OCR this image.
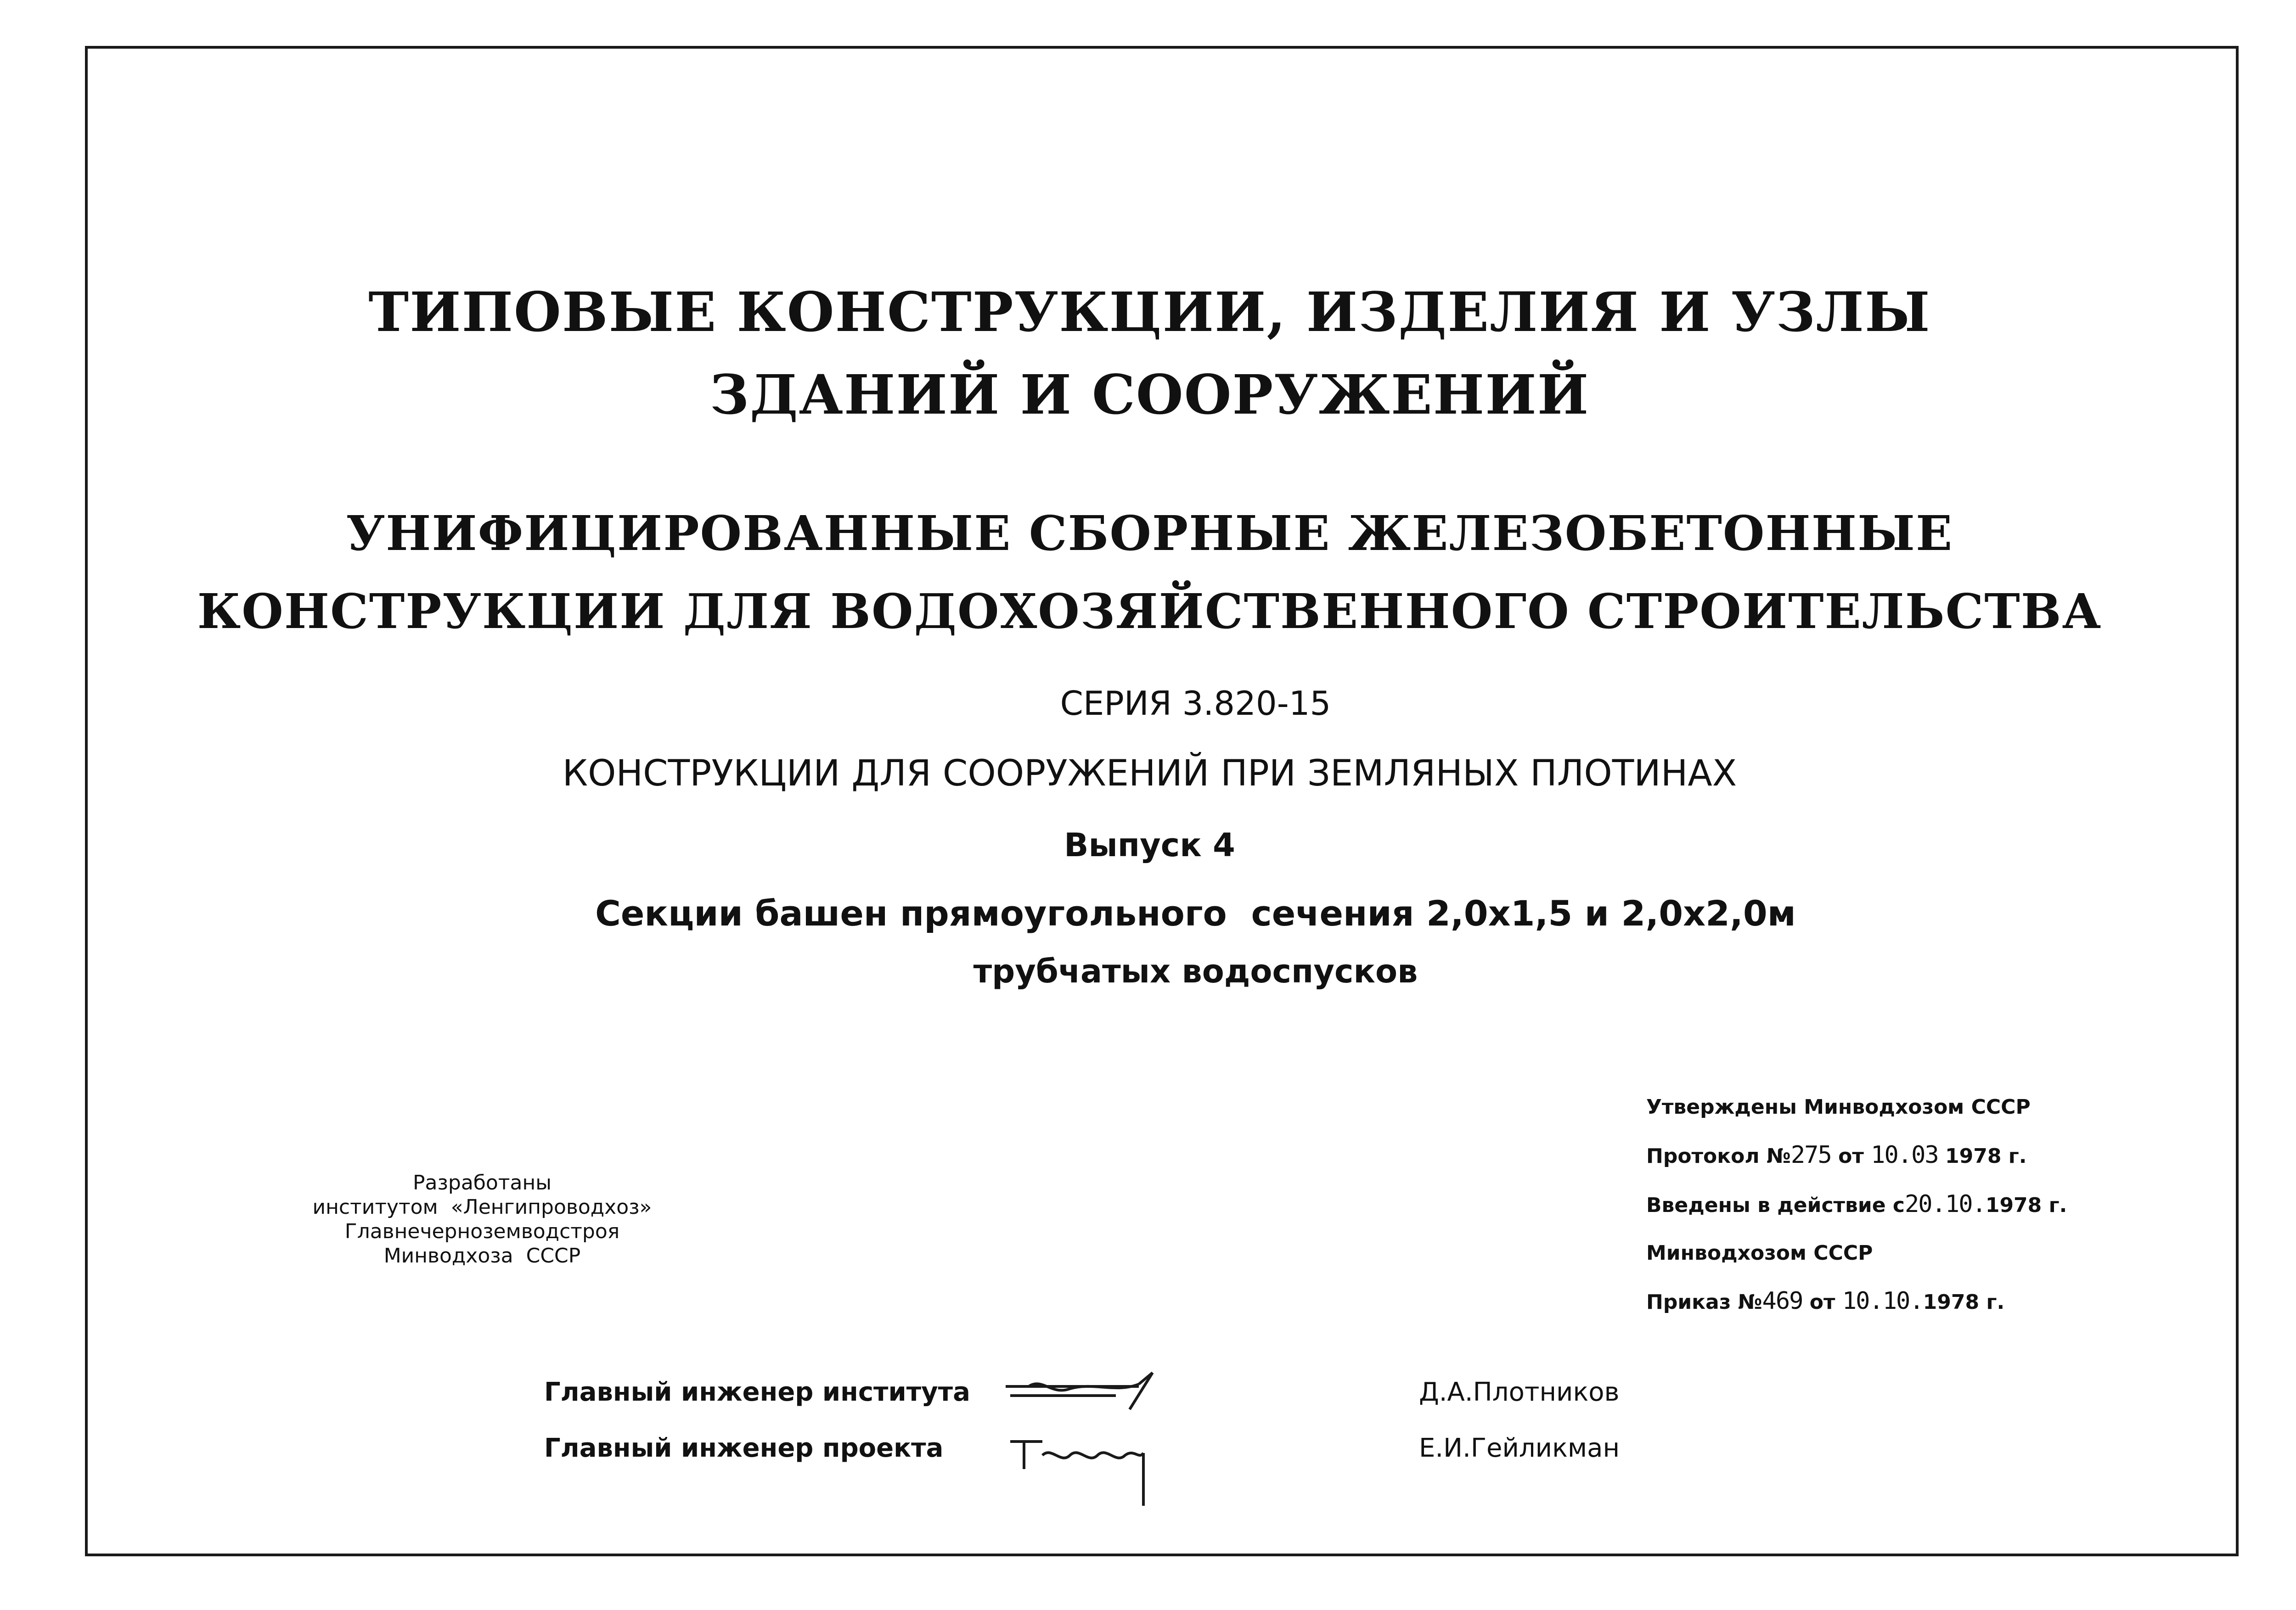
ТИПОВЫЕ КОНСТРУКЦИИ, ИЗДЕЛИЯ И УЗЛЫ
ЗДАНИЙ И СООРУЖЕНИЙ
УНИФИЦИРОВАННЫЕ СБОРНЫЕ ЖЕЛЕЗОБЕТОННЫЕ
КОНСТРУКЦИИ ДЛЯ ВОДОХОЗЯЙСТВЕННОГО СТРОИТЕЛЬСТВА
СЕРИЯ 3.820-15
КОНСТРУКЦИИ ДЛЯ СООРУЖЕНИЙ ПРИ ЗЕМЛЯНЫХ ПЛОТИНАХ
Выпуск 4
Секции башен прямоугольного  сечения 2,0х1,5 и 2,0х2,0м
трубчатых водоспусков
Утверждены Минводхозом СССР
Протокол №275 от 10.03 1978 г.
Введены в действие с20.10.1978 г.
Минводхозом СССР
Приказ №469 от 10.10.1978 г.
Разработаны
институтом  «Ленгипроводхоз»
Главнечерноземводстроя
Минводхоза  СССР
Главный инженер института
Главный инженер проекта
Д.А.Плотников
Е.И.Гейликман
